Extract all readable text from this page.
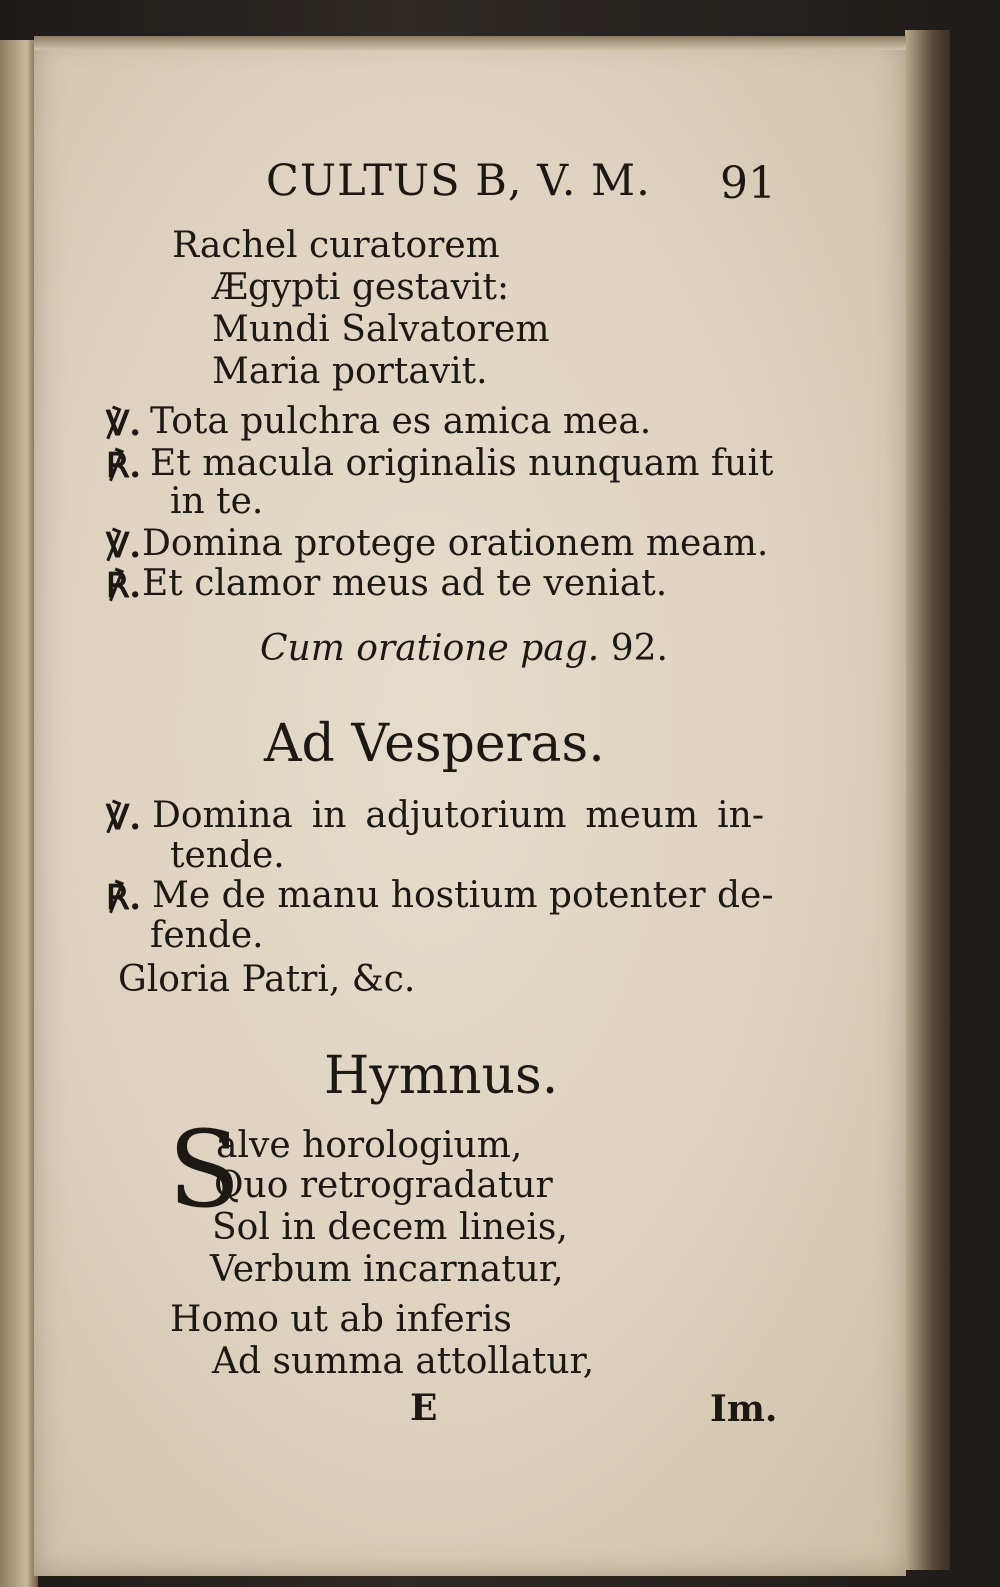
CULTUS B, V. M. 91
Rachel curatorem
Ægypti gestavit:
Mundi Salvatorem
Maria portavit.
℣. Tota pulchra es amica mea.
℟. Et macula originalis nunquam fuit
in te.
℣. Domina protege orationem meam.
℟. Et clamor meus ad te veniat.
Cum oratione pag. 92.
Ad Vesperas.
℣. Domina in adjutorium meum in-
tende.
℟. Me de manu hostium potenter de-
fende.
Gloria Patri, &c.
Hymnus.
S
alve horologium,
Quo retrogradatur
Sol in decem lineis,
Verbum incarnatur,
Homo ut ab inferis
Ad summa attollatur,
E	Im.
